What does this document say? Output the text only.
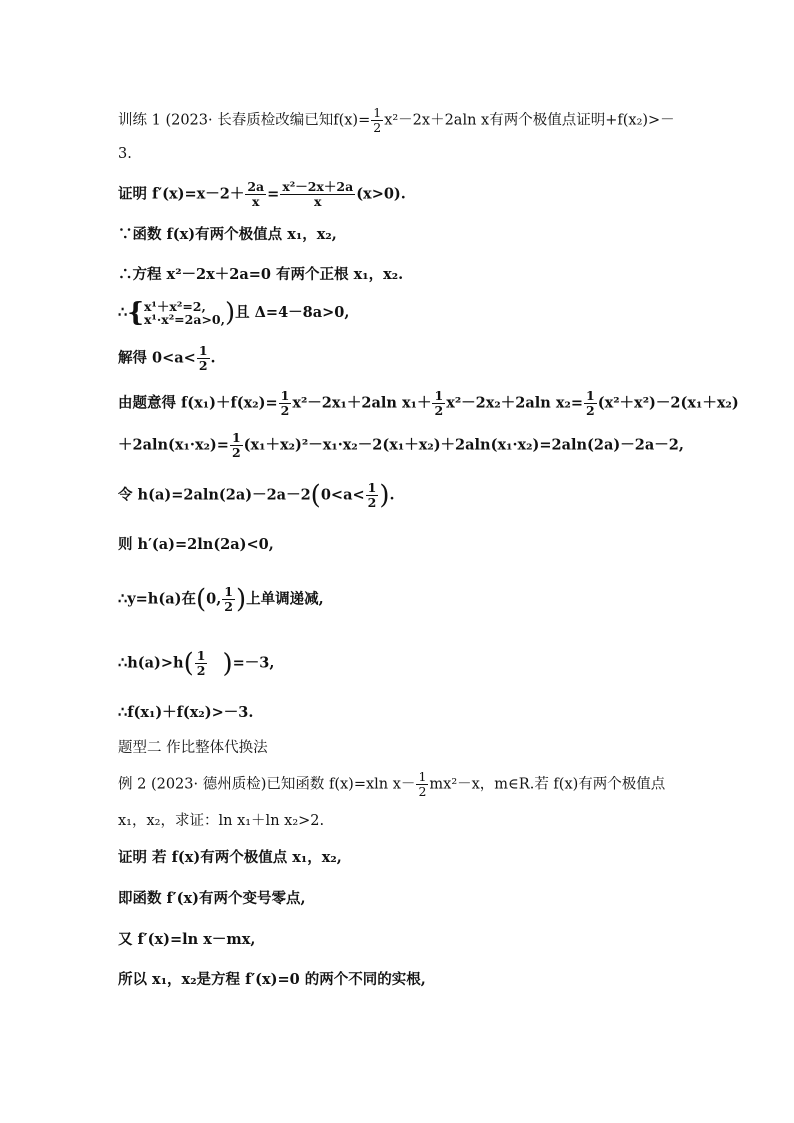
训练 1 (2023· 长春质检改编已知$f(x)= \frac{1}{2} x^2-2x+2aln$ x有两个极值点证明+f(x₂)>－
3.
证明 $f'(x)=x-2+ \frac{2a}{x} = \frac{\text{x²－2x＋2a}}{x} (x>0)$.
∵函数 f(x)有两个极值点 x₁，x₂,
∴方程 x²－2x＋2a=0 有两个正根 x₁，x₂.
∴{x¹＋x²=2,
x¹·x²=2a>0,)且 Δ=4－8a>0,
解得 $0<a< \frac{1}{2}$ .
由题意得 $f(x_1)+f(x_2)= \frac{1}{2} x^2-2x_1+2aln$ $x_1+ \frac{1}{2} x^2-2x_2+2aln$ $x_2= \frac{1}{2} (x^2+x^2)-2(x_1+x_2)$
$+2aln(x_1\cdot x_2)= \frac{1}{2} (x_1+x_2)^2-x_1\cdot x_2-2(x_1+x_2)+2aln(x_1\cdot x_2)=2aln(2a)-2a-2$,
令 $h(a)=2aln(2a)-2a-2(0<a< \frac{1}{2}$ ).
则 h′(a)=2ln(2a)<0,
∴y=h(a)在(0, $\frac{1}{2}$ )上单调递减,
∴h(a)>h( $\frac{1}{2} )=-3$,
∴f(x₁)＋f(x₂)>－3.
题型二 作比整体代换法
例 2 (2023· 德州质检)已知函数 f(x)=xln $x- \frac{1}{2} mx^2-x$，m∈R.若 f(x)有两个极值点
x₁，x₂，求证：ln x₁＋ln x₂>2.
证明 若 f(x)有两个极值点 x₁，x₂,
即函数 f′(x)有两个变号零点,
又 f′(x)=ln x－mx,
所以 x₁，x₂是方程 f′(x)=0 的两个不同的实根,
